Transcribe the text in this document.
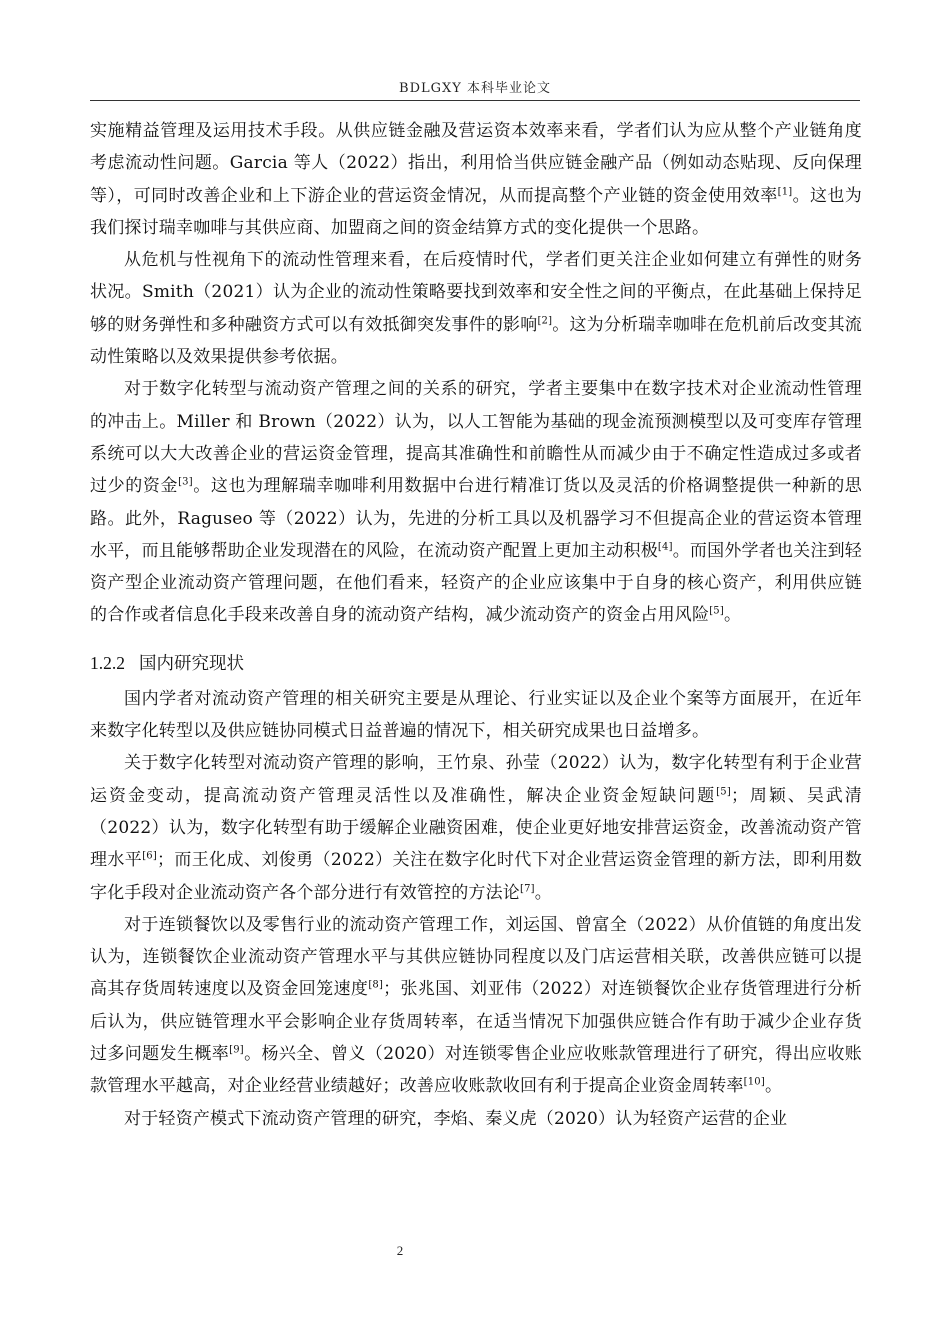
BDLGXY 本科毕业论文

实施精益管理及运用技术手段。从供应链金融及营运资本效率来看，学者们认为应从整个产业链角度考虑流动性问题。Garcia 等人（2022）指出，利用恰当供应链金融产品（例如动态贴现、反向保理等），可同时改善企业和上下游企业的营运资金情况，从而提高整个产业链的资金使用效率[1]。这也为我们探讨瑞幸咖啡与其供应商、加盟商之间的资金结算方式的变化提供一个思路。

从危机与性视角下的流动性管理来看，在后疫情时代，学者们更关注企业如何建立有弹性的财务状况。Smith（2021）认为企业的流动性策略要找到效率和安全性之间的平衡点，在此基础上保持足够的财务弹性和多种融资方式可以有效抵御突发事件的影响[2]。这为分析瑞幸咖啡在危机前后改变其流动性策略以及效果提供参考依据。

对于数字化转型与流动资产管理之间的关系的研究，学者主要集中在数字技术对企业流动性管理的冲击上。Miller 和 Brown（2022）认为，以人工智能为基础的现金流预测模型以及可变库存管理系统可以大大改善企业的营运资金管理，提高其准确性和前瞻性从而减少由于不确定性造成过多或者过少的资金[3]。这也为理解瑞幸咖啡利用数据中台进行精准订货以及灵活的价格调整提供一种新的思路。此外，Raguseo 等（2022）认为，先进的分析工具以及机器学习不但提高企业的营运资本管理水平，而且能够帮助企业发现潜在的风险，在流动资产配置上更加主动积极[4]。而国外学者也关注到轻资产型企业流动资产管理问题，在他们看来，轻资产的企业应该集中于自身的核心资产，利用供应链的合作或者信息化手段来改善自身的流动资产结构，减少流动资产的资金占用风险[5]。

1.2.2 国内研究现状

国内学者对流动资产管理的相关研究主要是从理论、行业实证以及企业个案等方面展开，在近年来数字化转型以及供应链协同模式日益普遍的情况下，相关研究成果也日益增多。

关于数字化转型对流动资产管理的影响，王竹泉、孙莹（2022）认为，数字化转型有利于企业营运资金变动，提高流动资产管理灵活性以及准确性，解决企业资金短缺问题[5]；周颖、吴武清（2022）认为，数字化转型有助于缓解企业融资困难，使企业更好地安排营运资金，改善流动资产管理水平[6]；而王化成、刘俊勇（2022）关注在数字化时代下对企业营运资金管理的新方法，即利用数字化手段对企业流动资产各个部分进行有效管控的方法论[7]。

对于连锁餐饮以及零售行业的流动资产管理工作，刘运国、曾富全（2022）从价值链的角度出发认为，连锁餐饮企业流动资产管理水平与其供应链协同程度以及门店运营相关联，改善供应链可以提高其存货周转速度以及资金回笼速度[8]；张兆国、刘亚伟（2022）对连锁餐饮企业存货管理进行分析后认为，供应链管理水平会影响企业存货周转率，在适当情况下加强供应链合作有助于减少企业存货过多问题发生概率[9]。杨兴全、曾义（2020）对连锁零售企业应收账款管理进行了研究，得出应收账款管理水平越高，对企业经营业绩越好；改善应收账款收回有利于提高企业资金周转率[10]。

对于轻资产模式下流动资产管理的研究，李焰、秦义虎（2020）认为轻资产运营的企业

2
